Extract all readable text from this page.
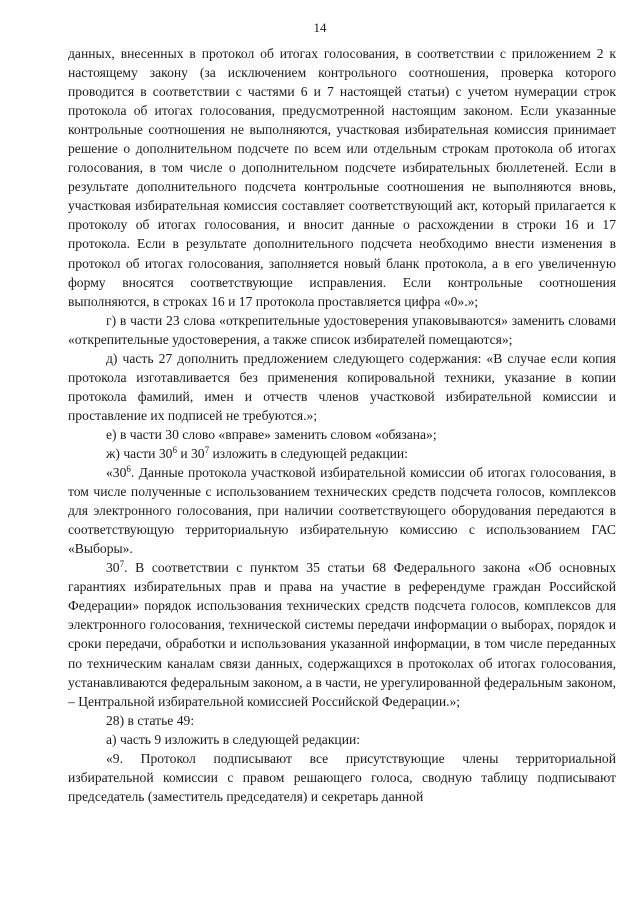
14

данных, внесенных в протокол об итогах голосования, в соответствии с приложением 2 к настоящему закону (за исключением контрольного соотношения, проверка которого проводится в соответствии с частями 6 и 7 настоящей статьи) с учетом нумерации строк протокола об итогах голосования, предусмотренной настоящим законом. Если указанные контрольные соотношения не выполняются, участковая избирательная комиссия принимает решение о дополнительном подсчете по всем или отдельным строкам протокола об итогах голосования, в том числе о дополнительном подсчете избирательных бюллетеней. Если в результате дополнительного подсчета контрольные соотношения не выполняются вновь, участковая избирательная комиссия составляет соответствующий акт, который прилагается к протоколу об итогах голосования, и вносит данные о расхождении в строки 16 и 17 протокола. Если в результате дополнительного подсчета необходимо внести изменения в протокол об итогах голосования, заполняется новый бланк протокола, а в его увеличенную форму вносятся соответствующие исправления. Если контрольные соотношения выполняются, в строках 16 и 17 протокола проставляется цифра «0».»;

г) в части 23 слова «открепительные удостоверения упаковываются» заменить словами «открепительные удостоверения, а также список избирателей помещаются»;

д) часть 27 дополнить предложением следующего содержания: «В случае если копия протокола изготавливается без применения копировальной техники, указание в копии протокола фамилий, имен и отчеств членов участковой избирательной комиссии и проставление их подписей не требуются.»;

е) в части 30 слово «вправе» заменить словом «обязана»;

ж) части $30^6$ и $30^7$ изложить в следующей редакции:

«$30^6$. Данные протокола участковой избирательной комиссии об итогах голосования, в том числе полученные с использованием технических средств подсчета голосов, комплексов для электронного голосования, при наличии соответствующего оборудования передаются в соответствующую территориальную избирательную комиссию с использованием ГАС «Выборы».

$30^7$. В соответствии с пунктом 35 статьи 68 Федерального закона «Об основных гарантиях избирательных прав и права на участие в референдуме граждан Российской Федерации» порядок использования технических средств подсчета голосов, комплексов для электронного голосования, технической системы передачи информации о выборах, порядок и сроки передачи, обработки и использования указанной информации, в том числе переданных по техническим каналам связи данных, содержащихся в протоколах об итогах голосования, устанавливаются федеральным законом, а в части, не урегулированной федеральным законом, – Центральной избирательной комиссией Российской Федерации.»;

28) в статье 49:

а) часть 9 изложить в следующей редакции:

«9. Протокол подписывают все присутствующие члены территориальной избирательной комиссии с правом решающего голоса, сводную таблицу подписывают председатель (заместитель председателя) и секретарь данной
